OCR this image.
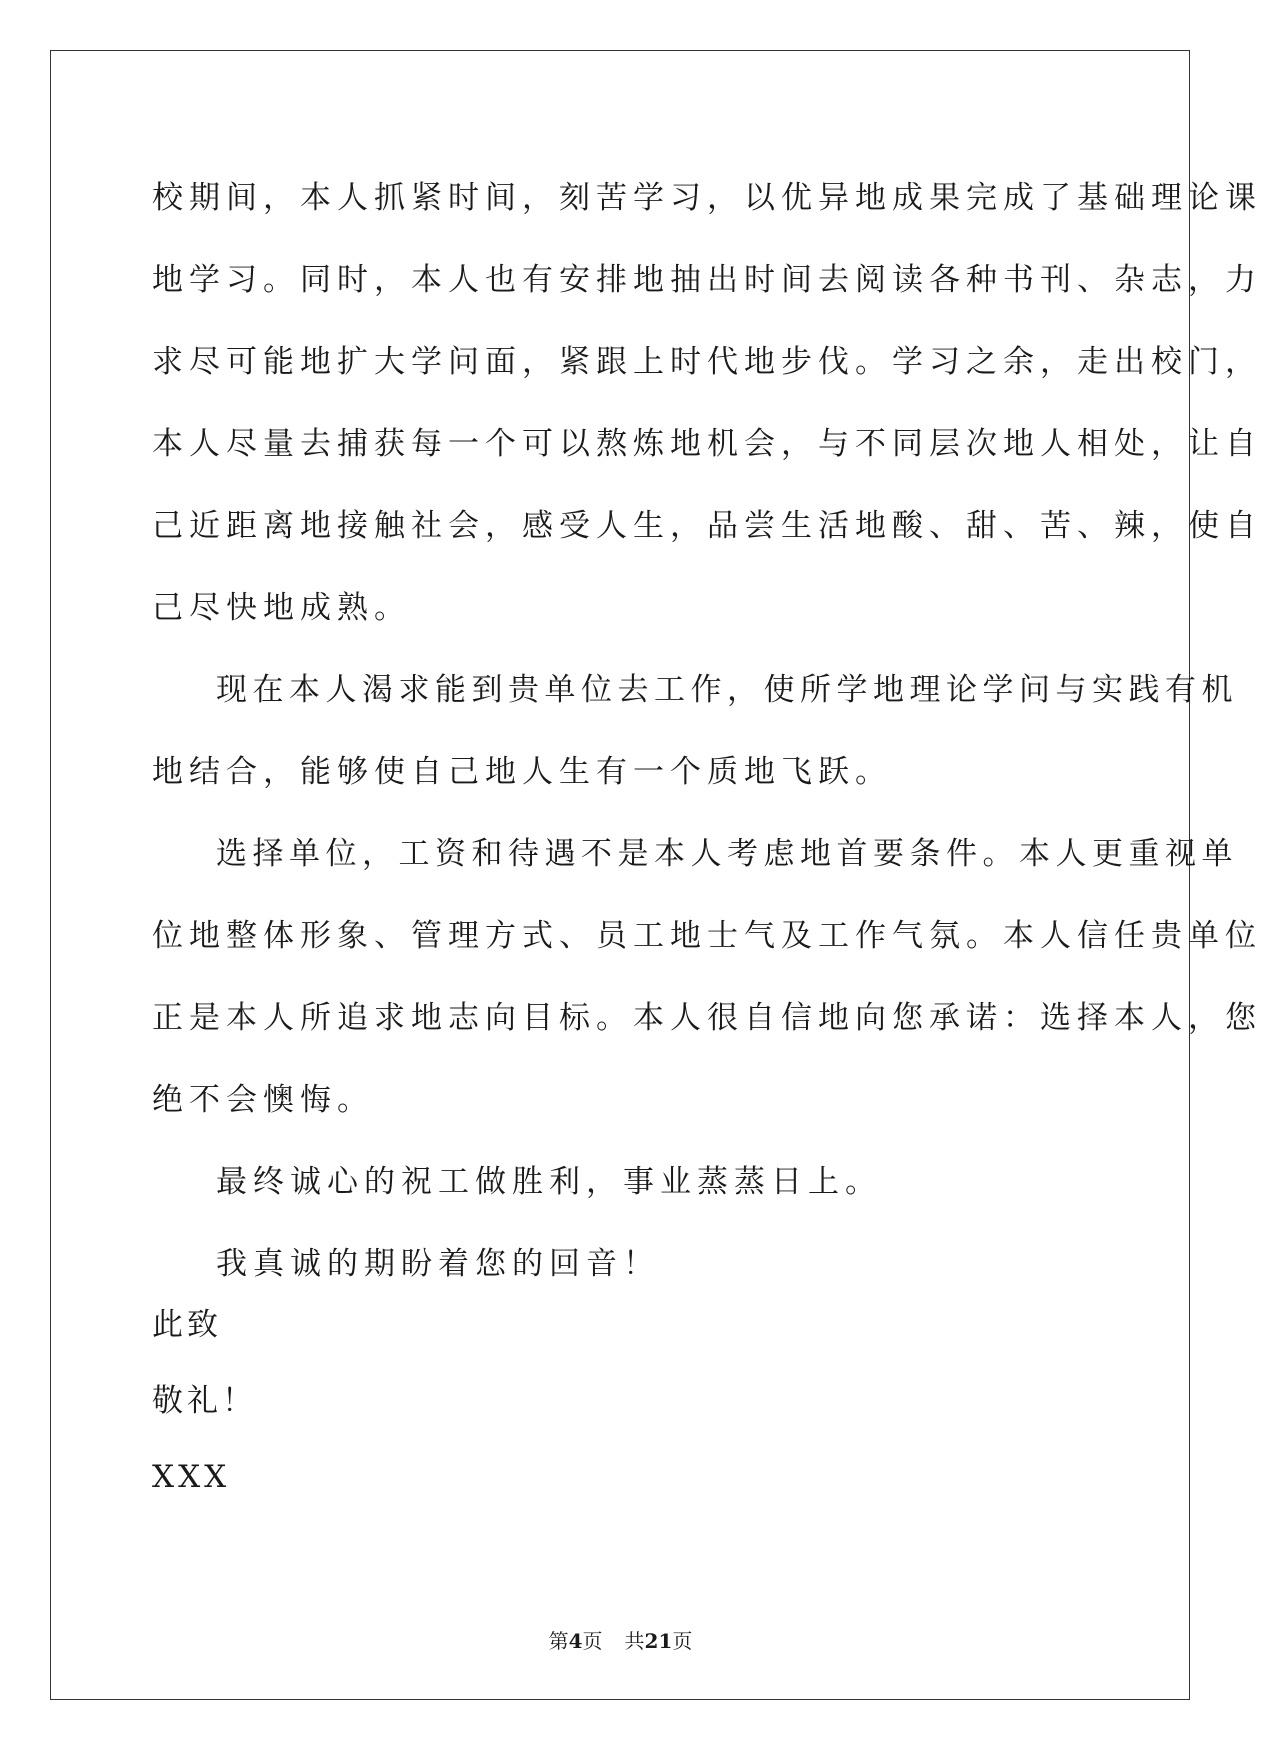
校期间，本人抓紧时间，刻苦学习，以优异地成果完成了基础理论课
地学习。同时，本人也有安排地抽出时间去阅读各种书刊、杂志，力
求尽可能地扩大学问面，紧跟上时代地步伐。学习之余，走出校门，
本人尽量去捕获每一个可以熬炼地机会，与不同层次地人相处，让自
己近距离地接触社会，感受人生，品尝生活地酸、甜、苦、辣，使自
己尽快地成熟。
现在本人渴求能到贵单位去工作，使所学地理论学问与实践有机
地结合，能够使自己地人生有一个质地飞跃。
选择单位，工资和待遇不是本人考虑地首要条件。本人更重视单
位地整体形象、管理方式、员工地士气及工作气氛。本人信任贵单位
正是本人所追求地志向目标。本人很自信地向您承诺：选择本人，您
绝不会懊悔。
最终诚心的祝工做胜利，事业蒸蒸日上。
我真诚的期盼着您的回音！
此致
敬礼！
XXX
第4页 共21页
